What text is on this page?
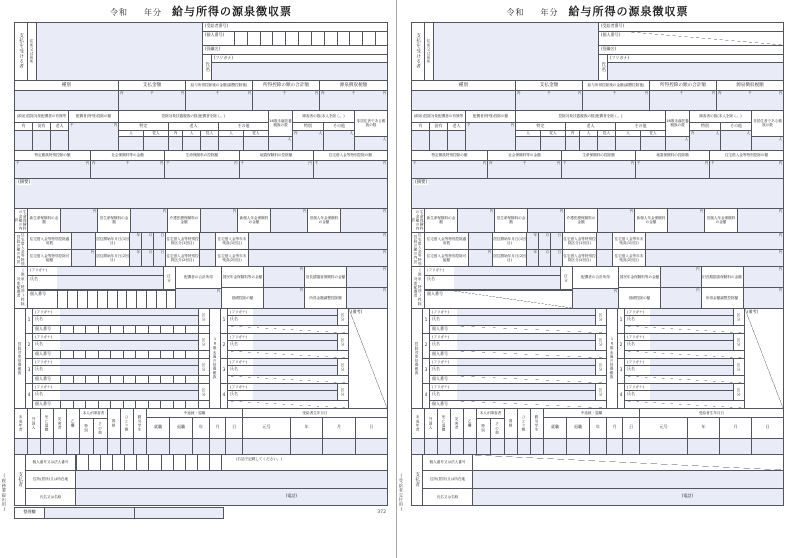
(税務署提出用)
令和 年分 給与所得の源泉徴収票
支払を受ける者	住所又は居所
(受給者番号)
(個人番号)
(役職名)
氏名
(フリガナ)
種別	支払金額	給与所得控除後の金額(調整控除後)	所得控除の額の合計額	源泉徴収税額
内	千	円	千	円	千	円 内	千	円
(源泉)控除対象配偶者の有無等
有	従有	老人
配偶者(特別)控除の額
千	円
控除対象扶養親族の数(配偶者を除く。)
特定	老人	その他
人	従人	内	人	従人	人	従人
16歳未満扶養親族の数
人
障害者の数(本人を除く。)
特別	その他
内	人	人
非居住者である親族の数
人
特定親族特別控除の額	社会保険料等の金額	生命保険料の控除額	地震保険料の控除額	住宅借入金等特別控除の額
千	円 内	千	円 千	円 千	円 千	円
(摘要)
生命保険料の金額の内訳
新生命保険料の金額
円
旧生命保険料の金額
円
介護医療保険料の金額
円
新個人年金保険料の金額
円
旧個人年金保険料の金額
円
住宅借入金等特別控除の額の内訳	住宅借入金等特別控除適用数
居住開始年月日(1回目)
年	月	日
住宅借入金等特別控除区分(1回目)
住宅借入金等年末残高(1回目)
円
住宅借入金等特別控除可能額
円
居住開始年月日(2回目)
年	月	日
住宅借入金等特別控除区分(2回目)
住宅借入金等年末残高(2回目)
円
(源泉・特別)控除対象配偶者
(フリガナ)
氏名	区分
個人番号
配偶者の合計所得
円
国民年金保険料等の金額
円
旧長期損害保険料の金額
円
基礎控除の額
円
所得金額調整控除額
円
控除対象扶養親族
1
(フリガナ)
氏名	区分
個人番号
2
(フリガナ)
氏名	区分
個人番号
3
(フリガナ)
氏名	区分
個人番号
4
(フリガナ)
氏名	区分
個人番号
16歳未満の扶養親族
1
(フリガナ)
氏名	区分
2
(フリガナ)
氏名	区分
3
(フリガナ)
氏名	区分
4
(フリガナ)
氏名	区分
(備考)
未成年者	外国人	死亡退職	災害者	乙欄
本人が障害者
特別	その他	寡婦	ひとり親	勤労学生
中途就・退職
就職	退職	年	月	日
受給者生年月日
元号	年	月	日
支払者
個人番号又は法人番号
(右詰で記載してください。)
住所(居所)又は所在地
氏名又は名称	(電話)
整理欄	372
(受給者交付用)
令和 年分 給与所得の源泉徴収票
支払を受ける者	住所又は居所
(受給者番号)
(個人番号)
(役職名)
氏名
(フリガナ)
種別	支払金額	給与所得控除後の金額(調整控除後)	所得控除の額の合計額	源泉徴収税額
内	千	円	千	円	千	円 内	千	円
(源泉)控除対象配偶者の有無等
有	従有	老人
配偶者(特別)控除の額
千	円
控除対象扶養親族の数(配偶者を除く。)
特定	老人	その他
人	従人	内	人	従人	人	従人
16歳未満扶養親族の数
人
障害者の数(本人を除く。)
特別	その他
内	人	人
非居住者である親族の数
人
特定親族特別控除の額	社会保険料等の金額	生命保険料の控除額	地震保険料の控除額	住宅借入金等特別控除の額
千	円 内	千	円 千	円 千	円 千	円
(摘要)
生命保険料の金額の内訳
新生命保険料の金額
円
旧生命保険料の金額
円
介護医療保険料の金額
円
新個人年金保険料の金額
円
旧個人年金保険料の金額
円
住宅借入金等特別控除の額の内訳	住宅借入金等特別控除適用数
居住開始年月日(1回目)
年	月	日
住宅借入金等特別控除区分(1回目)
住宅借入金等年末残高(1回目)
円
住宅借入金等特別控除可能額
円
居住開始年月日(2回目)
年	月	日
住宅借入金等特別控除区分(2回目)
住宅借入金等年末残高(2回目)
円
(源泉・特別)控除対象配偶者
(フリガナ)
氏名	区分
個人番号
配偶者の合計所得
円
国民年金保険料等の金額
円
旧長期損害保険料の金額
円
基礎控除の額
円
所得金額調整控除額
円
控除対象扶養親族
1
(フリガナ)
氏名	区分
個人番号
2
(フリガナ)
氏名	区分
個人番号
3
(フリガナ)
氏名	区分
個人番号
4
(フリガナ)
氏名	区分
個人番号
16歳未満の扶養親族
1
(フリガナ)
氏名	区分
2
(フリガナ)
氏名	区分
3
(フリガナ)
氏名	区分
4
(フリガナ)
氏名	区分
(備考)
未成年者	外国人	死亡退職	災害者	乙欄
本人が障害者
特別	その他	寡婦	ひとり親	勤労学生
中途就・退職
就職	退職	年	月	日
受給者生年月日
元号	年	月	日
支払者
個人番号又は法人番号
住所(居所)又は所在地
氏名又は名称	(電話)
